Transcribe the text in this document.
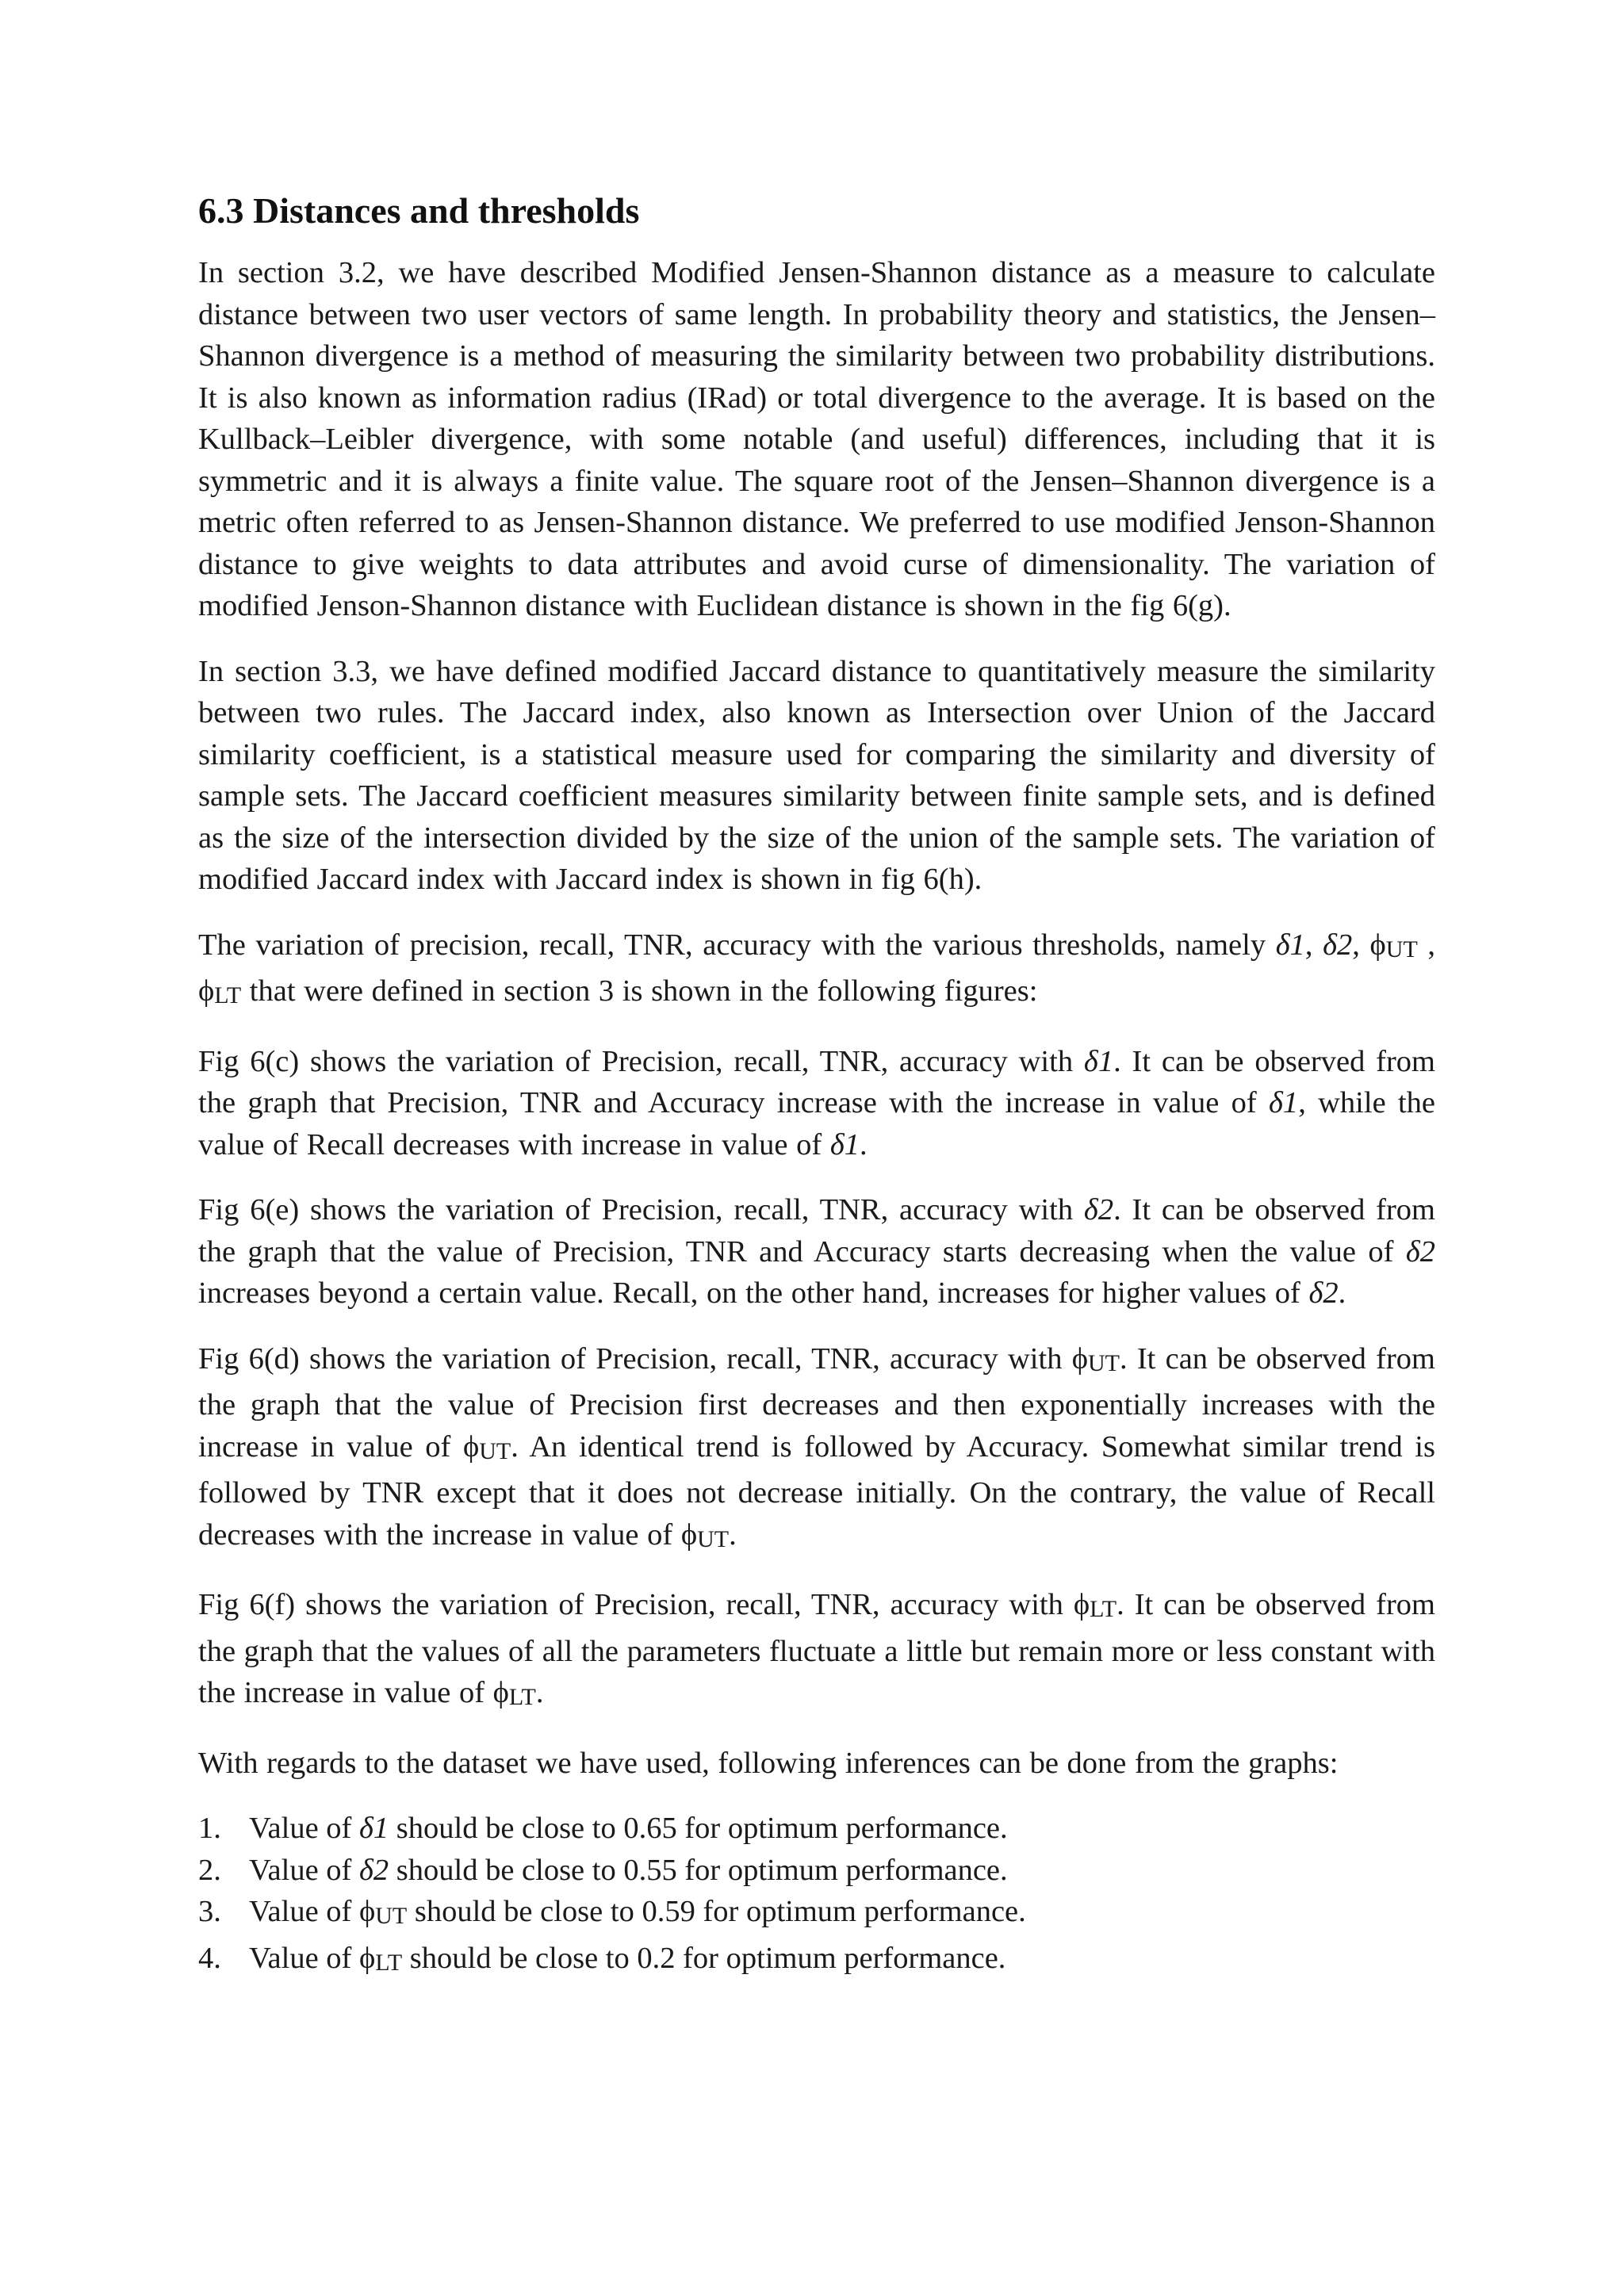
6.3 Distances and thresholds

In section 3.2, we have described Modified Jensen-Shannon distance as a measure to calculate distance between two user vectors of same length. In probability theory and statistics, the Jensen–Shannon divergence is a method of measuring the similarity between two probability distributions. It is also known as information radius (IRad) or total divergence to the average. It is based on the Kullback–Leibler divergence, with some notable (and useful) differences, including that it is symmetric and it is always a finite value. The square root of the Jensen–Shannon divergence is a metric often referred to as Jensen-Shannon distance. We preferred to use modified Jenson-Shannon distance to give weights to data attributes and avoid curse of dimensionality. The variation of modified Jenson-Shannon distance with Euclidean distance is shown in the fig 6(g).

In section 3.3, we have defined modified Jaccard distance to quantitatively measure the similarity between two rules. The Jaccard index, also known as Intersection over Union of the Jaccard similarity coefficient, is a statistical measure used for comparing the similarity and diversity of sample sets. The Jaccard coefficient measures similarity between finite sample sets, and is defined as the size of the intersection divided by the size of the union of the sample sets. The variation of modified Jaccard index with Jaccard index is shown in fig 6(h).

The variation of precision, recall, TNR, accuracy with the various thresholds, namely δ1, δ2, ϕUT , ϕLT that were defined in section 3 is shown in the following figures:

Fig 6(c) shows the variation of Precision, recall, TNR, accuracy with δ1. It can be observed from the graph that Precision, TNR and Accuracy increase with the increase in value of δ1, while the value of Recall decreases with increase in value of δ1.

Fig 6(e) shows the variation of Precision, recall, TNR, accuracy with δ2. It can be observed from the graph that the value of Precision, TNR and Accuracy starts decreasing when the value of δ2 increases beyond a certain value. Recall, on the other hand, increases for higher values of δ2.

Fig 6(d) shows the variation of Precision, recall, TNR, accuracy with ϕUT. It can be observed from the graph that the value of Precision first decreases and then exponentially increases with the increase in value of ϕUT. An identical trend is followed by Accuracy. Somewhat similar trend is followed by TNR except that it does not decrease initially. On the contrary, the value of Recall decreases with the increase in value of ϕUT.

Fig 6(f) shows the variation of Precision, recall, TNR, accuracy with ϕLT. It can be observed from the graph that the values of all the parameters fluctuate a little but remain more or less constant with the increase in value of ϕLT.

With regards to the dataset we have used, following inferences can be done from the graphs:

1. Value of δ1 should be close to 0.65 for optimum performance.
2. Value of δ2 should be close to 0.55 for optimum performance.
3. Value of ϕUT should be close to 0.59 for optimum performance.
4. Value of ϕLT should be close to 0.2 for optimum performance.
